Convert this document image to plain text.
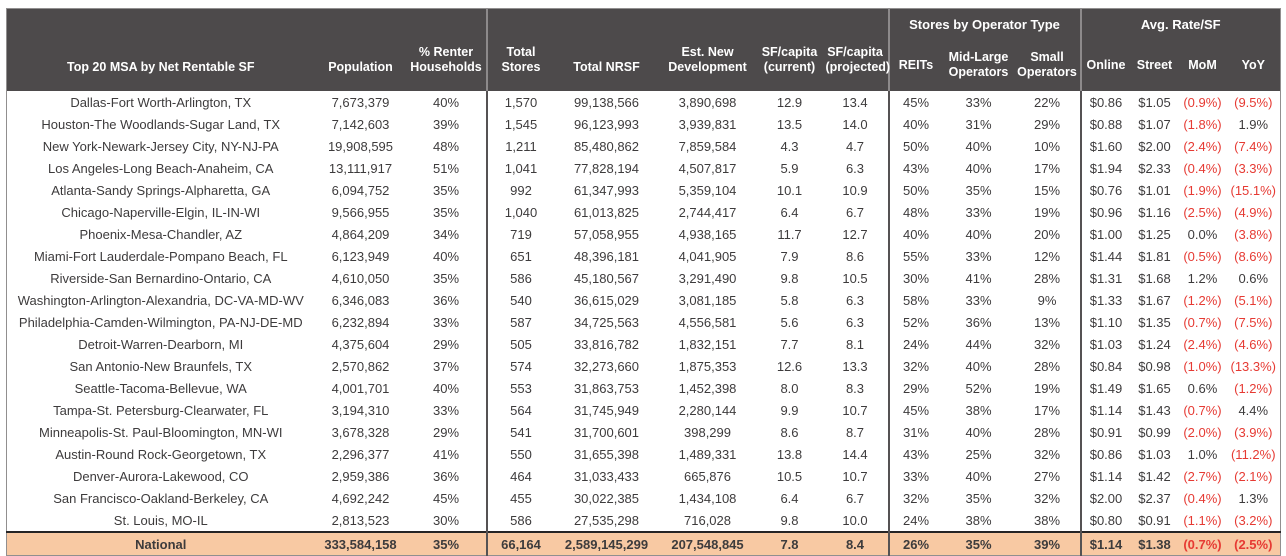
Top 20 MSA by Net Rentable SF	Population	% Renter Households	Total Stores	Total NRSF	Est. New Development	SF/capita (current)	SF/capita (projected)	Stores by Operator Type			Avg. Rate/SF			
								REITs	Mid-Large Operators	Small Operators	Online	Street	MoM	YoY
Dallas-Fort Worth-Arlington, TX	7,673,379	40%	1,570	99,138,566	3,890,698	12.9	13.4	45%	33%	22%	$0.86	$1.05	(0.9%)	(9.5%)
Houston-The Woodlands-Sugar Land, TX	7,142,603	39%	1,545	96,123,993	3,939,831	13.5	14.0	40%	31%	29%	$0.88	$1.07	(1.8%)	1.9%
New York-Newark-Jersey City, NY-NJ-PA	19,908,595	48%	1,211	85,480,862	7,859,584	4.3	4.7	50%	40%	10%	$1.60	$2.00	(2.4%)	(7.4%)
Los Angeles-Long Beach-Anaheim, CA	13,111,917	51%	1,041	77,828,194	4,507,817	5.9	6.3	43%	40%	17%	$1.94	$2.33	(0.4%)	(3.3%)
Atlanta-Sandy Springs-Alpharetta, GA	6,094,752	35%	992	61,347,993	5,359,104	10.1	10.9	50%	35%	15%	$0.76	$1.01	(1.9%)	(15.1%)
Chicago-Naperville-Elgin, IL-IN-WI	9,566,955	35%	1,040	61,013,825	2,744,417	6.4	6.7	48%	33%	19%	$0.96	$1.16	(2.5%)	(4.9%)
Phoenix-Mesa-Chandler, AZ	4,864,209	34%	719	57,058,955	4,938,165	11.7	12.7	40%	40%	20%	$1.00	$1.25	0.0%	(3.8%)
Miami-Fort Lauderdale-Pompano Beach, FL	6,123,949	40%	651	48,396,181	4,041,905	7.9	8.6	55%	33%	12%	$1.44	$1.81	(0.5%)	(8.6%)
Riverside-San Bernardino-Ontario, CA	4,610,050	35%	586	45,180,567	3,291,490	9.8	10.5	30%	41%	28%	$1.31	$1.68	1.2%	0.6%
Washington-Arlington-Alexandria, DC-VA-MD-WV	6,346,083	36%	540	36,615,029	3,081,185	5.8	6.3	58%	33%	9%	$1.33	$1.67	(1.2%)	(5.1%)
Philadelphia-Camden-Wilmington, PA-NJ-DE-MD	6,232,894	33%	587	34,725,563	4,556,581	5.6	6.3	52%	36%	13%	$1.10	$1.35	(0.7%)	(7.5%)
Detroit-Warren-Dearborn, MI	4,375,604	29%	505	33,816,782	1,832,151	7.7	8.1	24%	44%	32%	$1.03	$1.24	(2.4%)	(4.6%)
San Antonio-New Braunfels, TX	2,570,862	37%	574	32,273,660	1,875,353	12.6	13.3	32%	40%	28%	$0.84	$0.98	(1.0%)	(13.3%)
Seattle-Tacoma-Bellevue, WA	4,001,701	40%	553	31,863,753	1,452,398	8.0	8.3	29%	52%	19%	$1.49	$1.65	0.6%	(1.2%)
Tampa-St. Petersburg-Clearwater, FL	3,194,310	33%	564	31,745,949	2,280,144	9.9	10.7	45%	38%	17%	$1.14	$1.43	(0.7%)	4.4%
Minneapolis-St. Paul-Bloomington, MN-WI	3,678,328	29%	541	31,700,601	398,299	8.6	8.7	31%	40%	28%	$0.91	$0.99	(2.0%)	(3.9%)
Austin-Round Rock-Georgetown, TX	2,296,377	41%	550	31,655,398	1,489,331	13.8	14.4	43%	25%	32%	$0.86	$1.03	1.0%	(11.2%)
Denver-Aurora-Lakewood, CO	2,959,386	36%	464	31,033,433	665,876	10.5	10.7	33%	40%	27%	$1.14	$1.42	(2.7%)	(2.1%)
San Francisco-Oakland-Berkeley, CA	4,692,242	45%	455	30,022,385	1,434,108	6.4	6.7	32%	35%	32%	$2.00	$2.37	(0.4%)	1.3%
St. Louis, MO-IL	2,813,523	30%	586	27,535,298	716,028	9.8	10.0	24%	38%	38%	$0.80	$0.91	(1.1%)	(3.2%)
National	333,584,158	35%	66,164	2,589,145,299	207,548,845	7.8	8.4	26%	35%	39%	$1.14	$1.38	(0.7%)	(2.5%)
